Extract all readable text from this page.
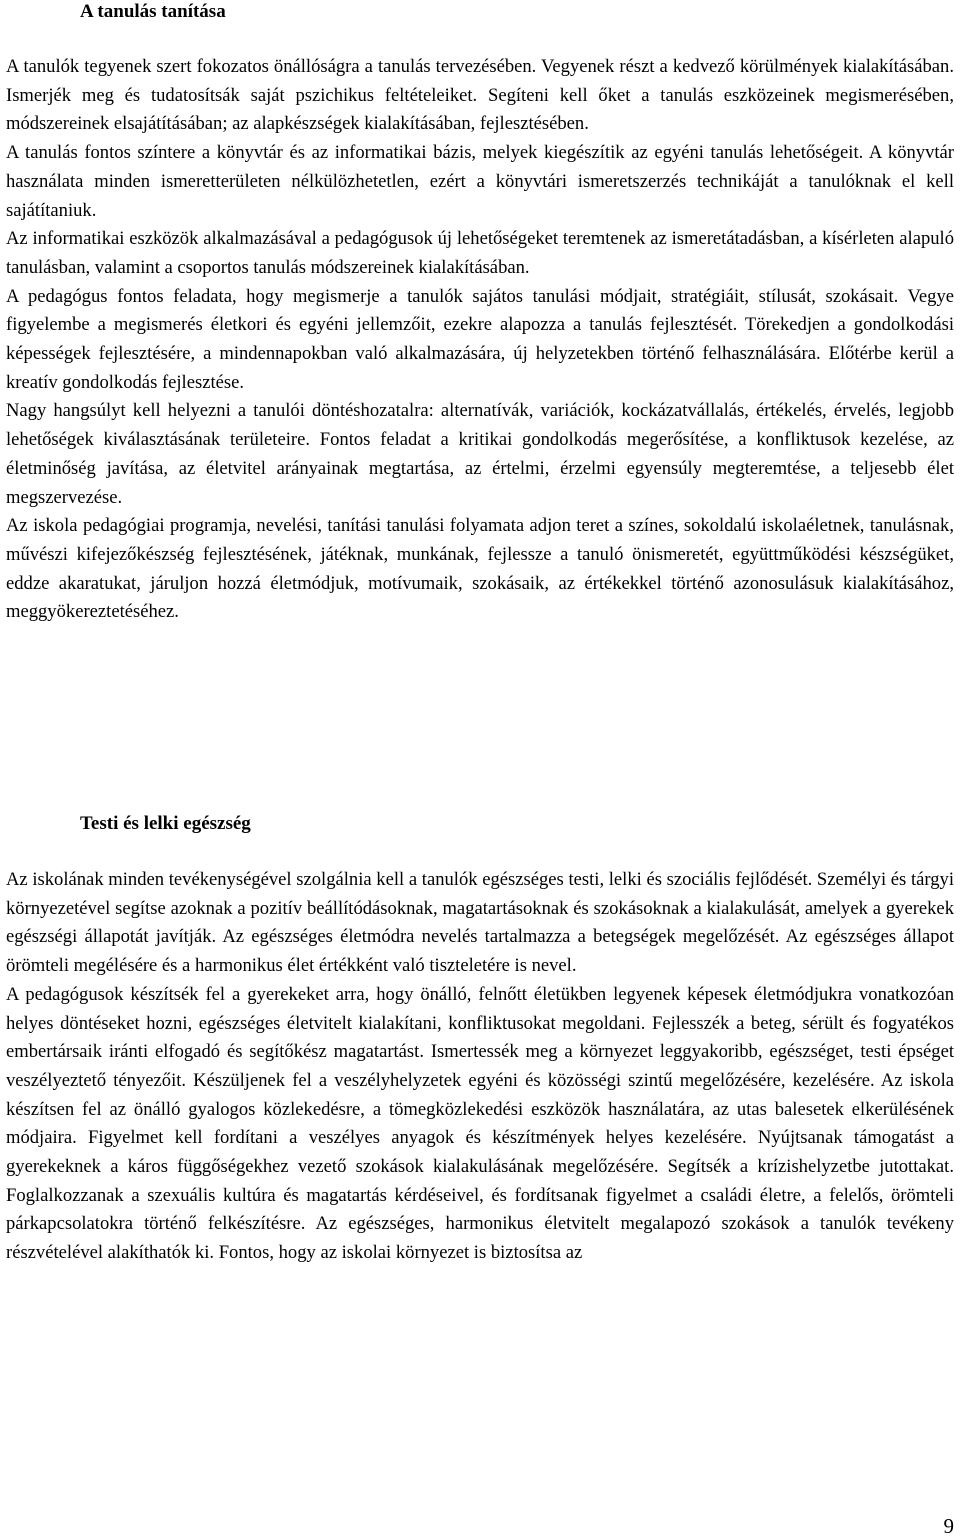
A tanulás tanítása

A tanulók tegyenek szert fokozatos önállóságra a tanulás tervezésében. Vegyenek részt a kedvező körülmények kialakításában. Ismerjék meg és tudatosítsák saját pszichikus feltételeiket. Segíteni kell őket a tanulás eszközeinek megismerésében, módszereinek elsajátításában; az alapkészségek kialakításában, fejlesztésében.

A tanulás fontos színtere a könyvtár és az informatikai bázis, melyek kiegészítik az egyéni tanulás lehetőségeit. A könyvtár használata minden ismeretterületen nélkülözhetetlen, ezért a könyvtári ismeretszerzés technikáját a tanulóknak el kell sajátítaniuk.

Az informatikai eszközök alkalmazásával a pedagógusok új lehetőségeket teremtenek az ismeretátadásban, a kísérleten alapuló tanulásban, valamint a csoportos tanulás módszereinek kialakításában.

A pedagógus fontos feladata, hogy megismerje a tanulók sajátos tanulási módjait, stratégiáit, stílusát, szokásait. Vegye figyelembe a megismerés életkori és egyéni jellemzőit, ezekre alapozza a tanulás fejlesztését. Törekedjen a gondolkodási képességek fejlesztésére, a mindennapokban való alkalmazására, új helyzetekben történő felhasználására. Előtérbe kerül a kreatív gondolkodás fejlesztése.

Nagy hangsúlyt kell helyezni a tanulói döntéshozatalra: alternatívák, variációk, kockázatvállalás, értékelés, érvelés, legjobb lehetőségek kiválasztásának területeire. Fontos feladat a kritikai gondolkodás megerősítése, a konfliktusok kezelése, az életminőség javítása, az életvitel arányainak megtartása, az értelmi, érzelmi egyensúly megteremtése, a teljesebb élet megszervezése.

Az iskola pedagógiai programja, nevelési, tanítási tanulási folyamata adjon teret a színes, sokoldalú iskolaéletnek, tanulásnak, művészi kifejezőkészség fejlesztésének, játéknak, munkának, fejlessze a tanuló önismeretét, együttműködési készségüket, eddze akaratukat, járuljon hozzá életmódjuk, motívumaik, szokásaik, az értékekkel történő azonosulásuk kialakításához, meggyökereztetéséhez.

Testi és lelki egészség

Az iskolának minden tevékenységével szolgálnia kell a tanulók egészséges testi, lelki és szociális fejlődését. Személyi és tárgyi környezetével segítse azoknak a pozitív beállítódásoknak, magatartásoknak és szokásoknak a kialakulását, amelyek a gyerekek egészségi állapotát javítják. Az egészséges életmódra nevelés tartalmazza a betegségek megelőzését. Az egészséges állapot örömteli megélésére és a harmonikus élet értékként való tiszteletére is nevel.

A pedagógusok készítsék fel a gyerekeket arra, hogy önálló, felnőtt életükben legyenek képesek életmódjukra vonatkozóan helyes döntéseket hozni, egészséges életvitelt kialakítani, konfliktusokat megoldani. Fejlesszék a beteg, sérült és fogyatékos embertársaik iránti elfogadó és segítőkész magatartást. Ismertessék meg a környezet leggyakoribb, egészséget, testi épséget veszélyeztető tényezőit. Készüljenek fel a veszélyhelyzetek egyéni és közösségi szintű megelőzésére, kezelésére. Az iskola készítsen fel az önálló gyalogos közlekedésre, a tömegközlekedési eszközök használatára, az utas balesetek elkerülésének módjaira. Figyelmet kell fordítani a veszélyes anyagok és készítmények helyes kezelésére. Nyújtsanak támogatást a gyerekeknek a káros függőségekhez vezető szokások kialakulásának megelőzésére. Segítsék a krízishelyzetbe jutottakat. Foglalkozzanak a szexuális kultúra és magatartás kérdéseivel, és fordítsanak figyelmet a családi életre, a felelős, örömteli párkapcsolatokra történő felkészítésre. Az egészséges, harmonikus életvitelt megalapozó szokások a tanulók tevékeny részvételével alakíthatók ki. Fontos, hogy az iskolai környezet is biztosítsa az

9
